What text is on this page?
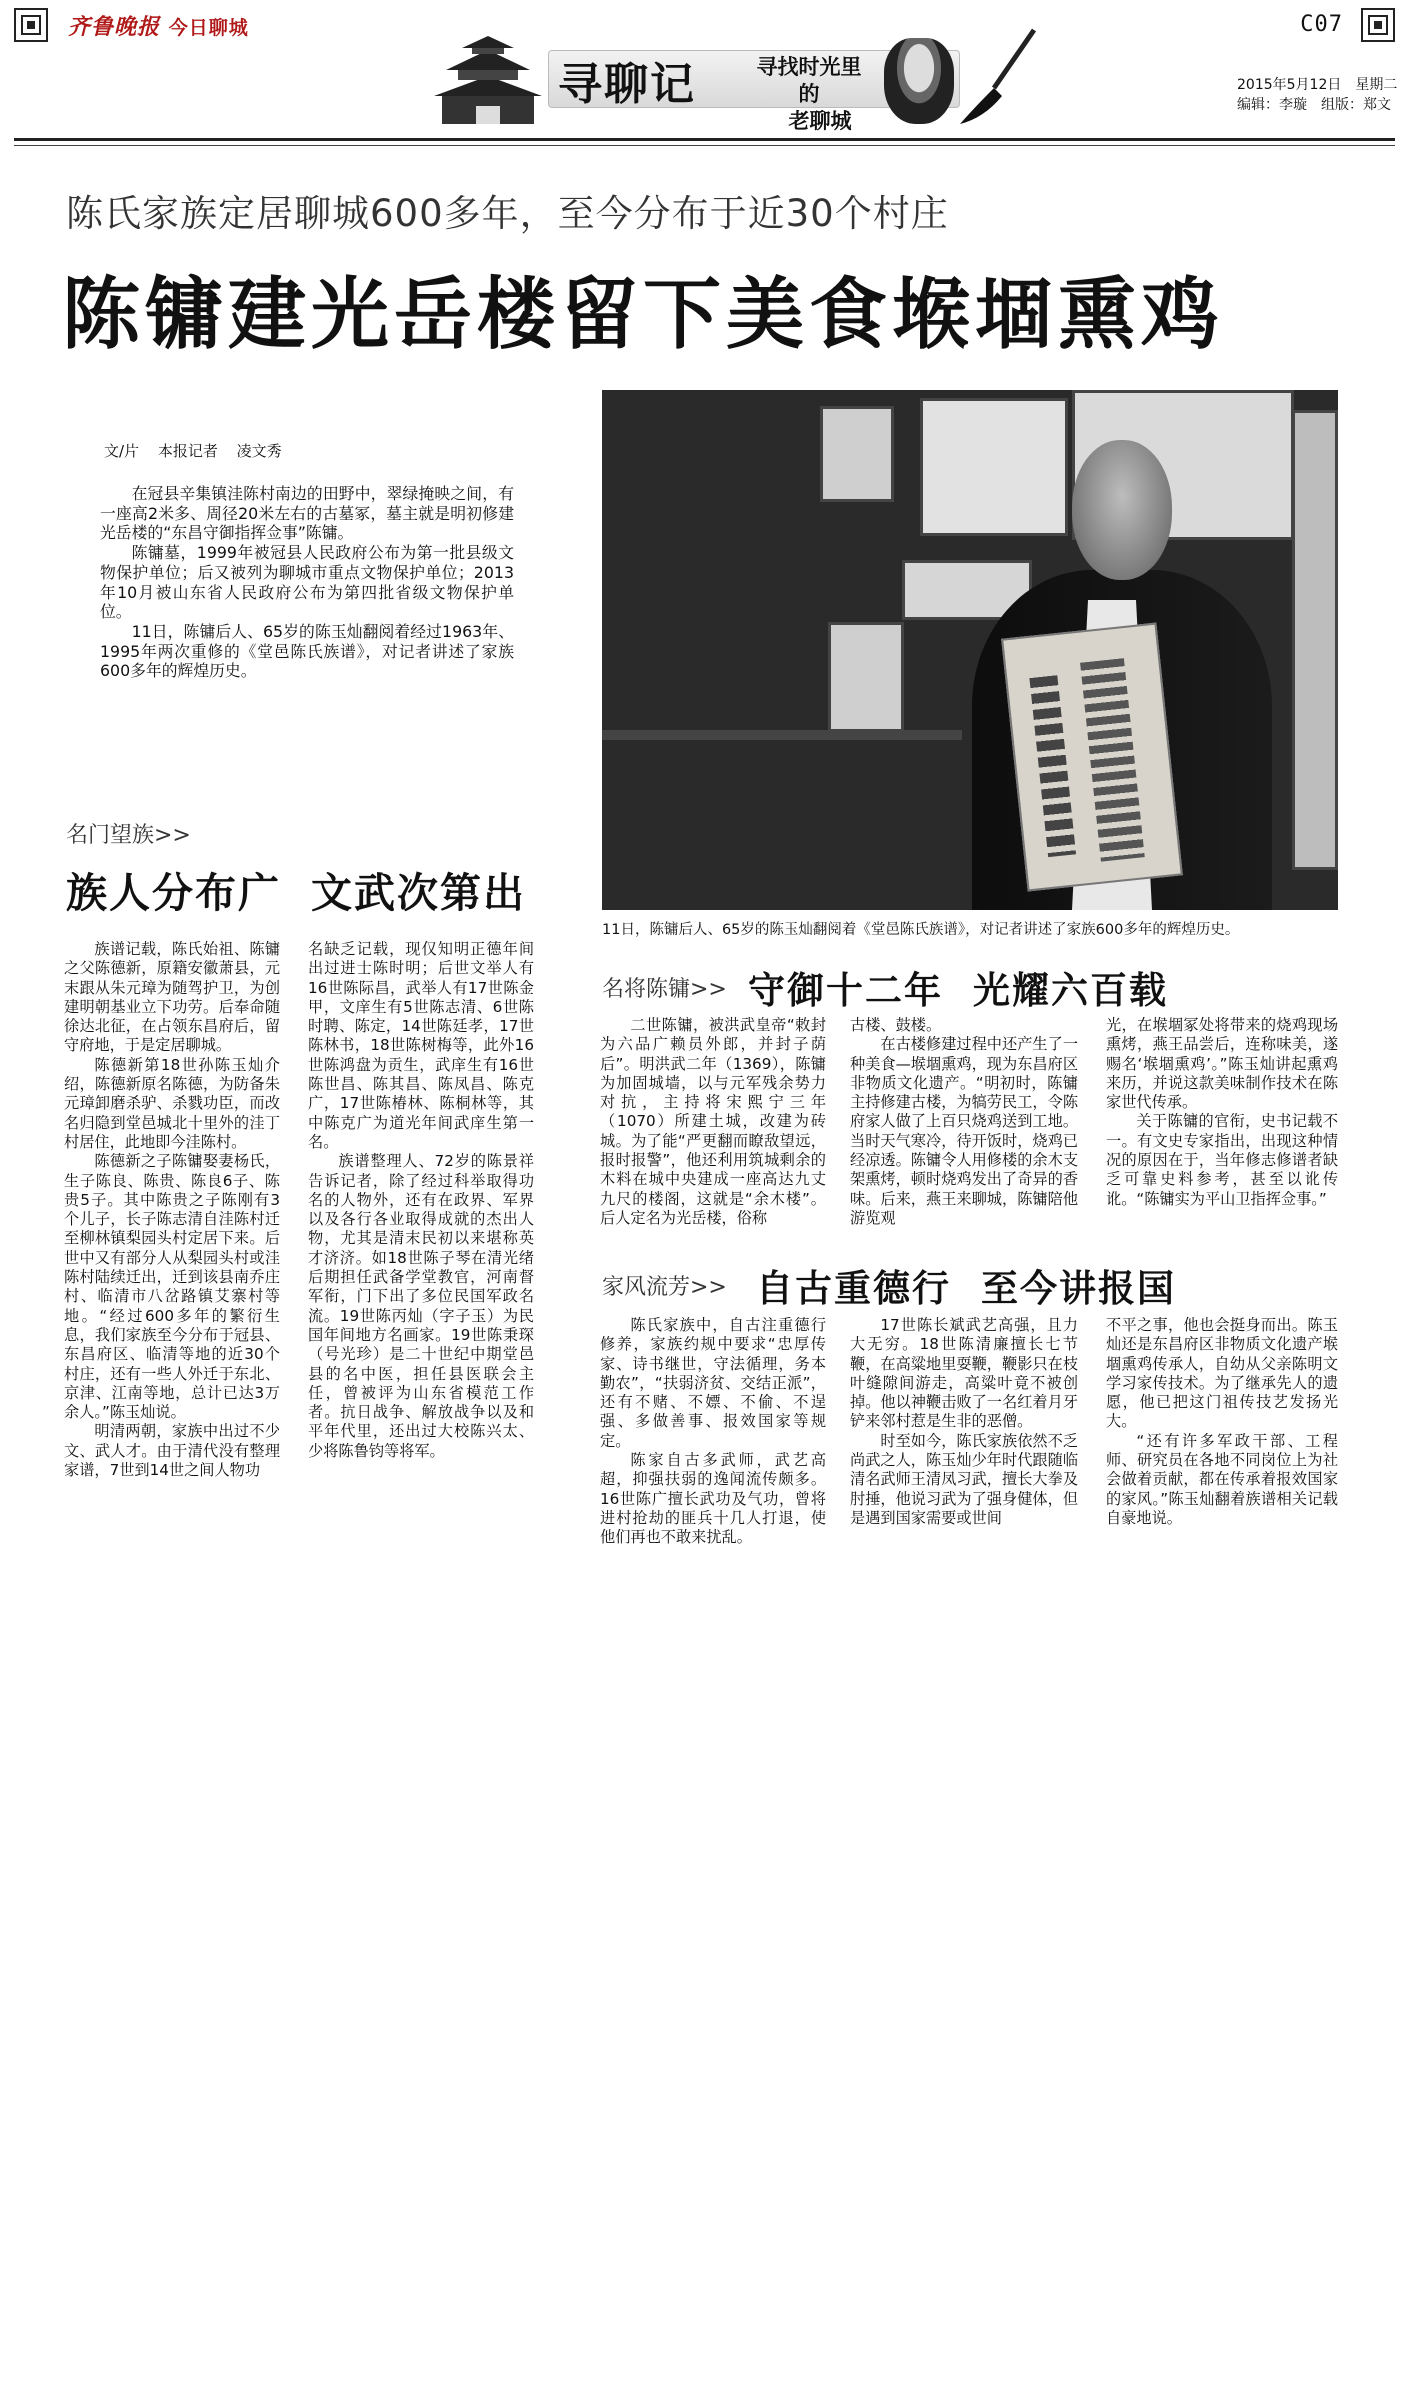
齐鲁晚报 今日聊城	C07
寻聊记	寻找时光里的
老聊城
2015年5月12日　星期二
编辑：李璇　组版：郑文
陈氏家族定居聊城600多年，至今分布于近30个村庄
陈镛建光岳楼留下美食堠堌熏鸡
文/片 本报记者 凌文秀

在冠县辛集镇洼陈村南边的田野中，翠绿掩映之间，有一座高2米多、周径20米左右的古墓冢，墓主就是明初修建光岳楼的“东昌守御指挥佥事”陈镛。

陈镛墓，1999年被冠县人民政府公布为第一批县级文物保护单位；后又被列为聊城市重点文物保护单位；2013年10月被山东省人民政府公布为第四批省级文物保护单位。

11日，陈镛后人、65岁的陈玉灿翻阅着经过1963年、1995年两次重修的《堂邑陈氏族谱》，对记者讲述了家族600多年的辉煌历史。

11日，陈镛后人、65岁的陈玉灿翻阅着《堂邑陈氏族谱》，对记者讲述了家族600多年的辉煌历史。
名门望族>>
族人分布广 文武次第出

族谱记载，陈氏始祖、陈镛之父陈德新，原籍安徽萧县，元末跟从朱元璋为随驾护卫，为创建明朝基业立下功劳。后奉命随徐达北征，在占领东昌府后，留守府地，于是定居聊城。

陈德新第18世孙陈玉灿介绍，陈德新原名陈德，为防备朱元璋卸磨杀驴、杀戮功臣，而改名归隐到堂邑城北十里外的洼丁村居住，此地即今洼陈村。

陈德新之子陈镛娶妻杨氏，生子陈良、陈贵、陈良6子、陈贵5子。其中陈贵之子陈刚有3个儿子，长子陈志清自洼陈村迁至柳林镇梨园头村定居下来。后世中又有部分人从梨园头村或洼陈村陆续迁出，迁到该县南乔庄村、临清市八岔路镇艾寨村等地。“经过600多年的繁衍生息，我们家族至今分布于冠县、东昌府区、临清等地的近30个村庄，还有一些人外迁于东北、京津、江南等地，总计已达3万余人。”陈玉灿说。

明清两朝，家族中出过不少文、武人才。由于清代没有整理家谱，7世到14世之间人物功

名缺乏记载，现仅知明正德年间出过进士陈时明；后世文举人有16世陈际昌，武举人有17世陈金甲，文庠生有5世陈志清、6世陈时聘、陈定，14世陈廷孝，17世陈林书，18世陈树梅等，此外16世陈鸿盘为贡生，武庠生有16世陈世昌、陈其昌、陈凤昌、陈克广，17世陈椿林、陈桐林等，其中陈克广为道光年间武庠生第一名。

族谱整理人、72岁的陈景祥告诉记者，除了经过科举取得功名的人物外，还有在政界、军界以及各行各业取得成就的杰出人物，尤其是清末民初以来堪称英才济济。如18世陈子琴在清光绪后期担任武备学堂教官，河南督军衔，门下出了多位民国军政名流。19世陈丙灿（字子玉）为民国年间地方名画家。19世陈秉琛（号光珍）是二十世纪中期堂邑县的名中医，担任县医联会主任，曾被评为山东省模范工作者。抗日战争、解放战争以及和平年代里，还出过大校陈兴太、少将陈鲁钧等将军。

名将陈镛>> 守御十二年 光耀六百载

二世陈镛，被洪武皇帝“敕封为六品广赖员外郎，并封子荫后”。明洪武二年（1369），陈镛为加固城墙，以与元军残余势力对抗，主持将宋熙宁三年（1070）所建土城，改建为砖城。为了能“严更翻而瞭敌望远，报时报警”，他还利用筑城剩余的木料在城中央建成一座高达九丈九尺的楼阁，这就是“余木楼”。后人定名为光岳楼，俗称

古楼、鼓楼。

在古楼修建过程中还产生了一种美食—堠堌熏鸡，现为东昌府区非物质文化遗产。“明初时，陈镛主持修建古楼，为犒劳民工，令陈府家人做了上百只烧鸡送到工地。当时天气寒冷，待开饭时，烧鸡已经凉透。陈镛令人用修楼的余木支架熏烤，顿时烧鸡发出了奇异的香味。后来，燕王来聊城，陈镛陪他游览观

光，在堠堌冢处将带来的烧鸡现场熏烤，燕王品尝后，连称味美，遂赐名‘堠堌熏鸡’。”陈玉灿讲起熏鸡来历，并说这款美味制作技术在陈家世代传承。

关于陈镛的官衔，史书记载不一。有文史专家指出，出现这种情况的原因在于，当年修志修谱者缺乏可靠史料参考，甚至以讹传讹。“陈镛实为平山卫指挥佥事。”

家风流芳>> 自古重德行 至今讲报国

陈氏家族中，自古注重德行修养，家族约规中要求“忠厚传家、诗书继世，守法循理，务本勤农”，“扶弱济贫、交结正派”，还有不赌、不嫖、不偷、不逞强、多做善事、报效国家等规定。

陈家自古多武师，武艺高超，抑强扶弱的逸闻流传颇多。16世陈广擅长武功及气功，曾将进村抢劫的匪兵十几人打退，使他们再也不敢来扰乱。

17世陈长斌武艺高强，且力大无穷。18世陈清廉擅长七节鞭，在高粱地里耍鞭，鞭影只在枝叶缝隙间游走，高粱叶竟不被创掉。他以神鞭击败了一名红着月牙铲来邻村惹是生非的恶僧。

时至如今，陈氏家族依然不乏尚武之人，陈玉灿少年时代跟随临清名武师王清凤习武，擅长大拳及肘捶，他说习武为了强身健体，但是遇到国家需要或世间

不平之事，他也会挺身而出。陈玉灿还是东昌府区非物质文化遗产堠堌熏鸡传承人，自幼从父亲陈明文学习家传技术。为了继承先人的遗愿，他已把这门祖传技艺发扬光大。

“还有许多军政干部、工程师、研究员在各地不同岗位上为社会做着贡献，都在传承着报效国家的家风。”陈玉灿翻着族谱相关记载自豪地说。
